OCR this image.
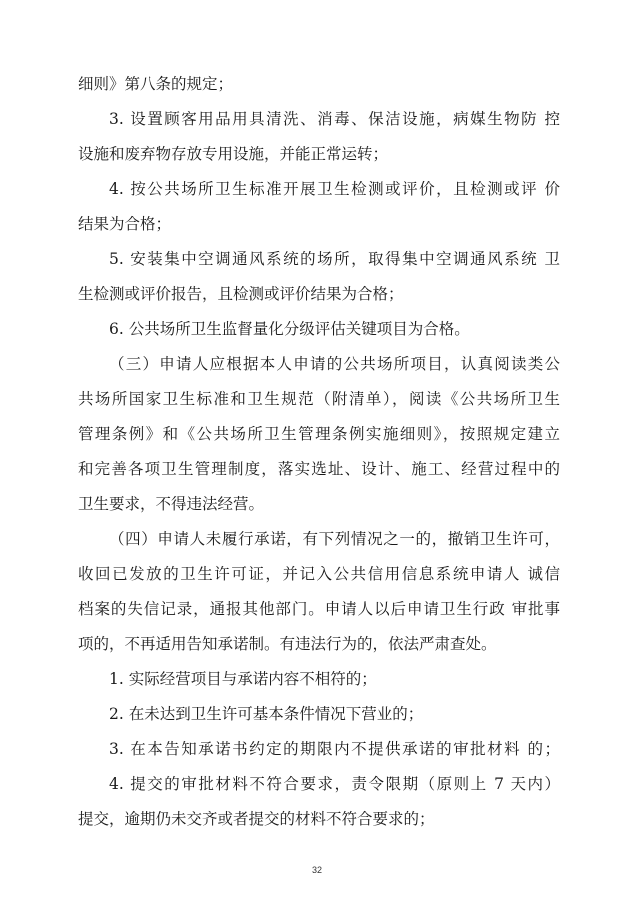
细则》第八条的规定；
3. 设置顾客用品用具清洗、消毒、保洁设施，病媒生物防 控
设施和废弃物存放专用设施，并能正常运转；
4. 按公共场所卫生标准开展卫生检测或评价，且检测或评 价
结果为合格；
5. 安装集中空调通风系统的场所，取得集中空调通风系统 卫
生检测或评价报告，且检测或评价结果为合格；
6. 公共场所卫生监督量化分级评估关键项目为合格。
（三）申请人应根据本人申请的公共场所项目，认真阅读类公
共场所国家卫生标准和卫生规范（附清单），阅读《公共场所卫生
管理条例》和《公共场所卫生管理条例实施细则》，按照规定建立
和完善各项卫生管理制度，落实选址、设计、施工、经营过程中的
卫生要求，不得违法经营。
（四）申请人未履行承诺，有下列情况之一的，撤销卫生许可，
收回已发放的卫生许可证，并记入公共信用信息系统申请人 诚信
档案的失信记录，通报其他部门。申请人以后申请卫生行政 审批事
项的，不再适用告知承诺制。有违法行为的，依法严肃查处。
1. 实际经营项目与承诺内容不相符的；
2. 在未达到卫生许可基本条件情况下营业的；
3. 在本告知承诺书约定的期限内不提供承诺的审批材料 的；
4. 提交的审批材料不符合要求，责令限期（原则上 7 天内）
提交，逾期仍未交齐或者提交的材料不符合要求的；
32
